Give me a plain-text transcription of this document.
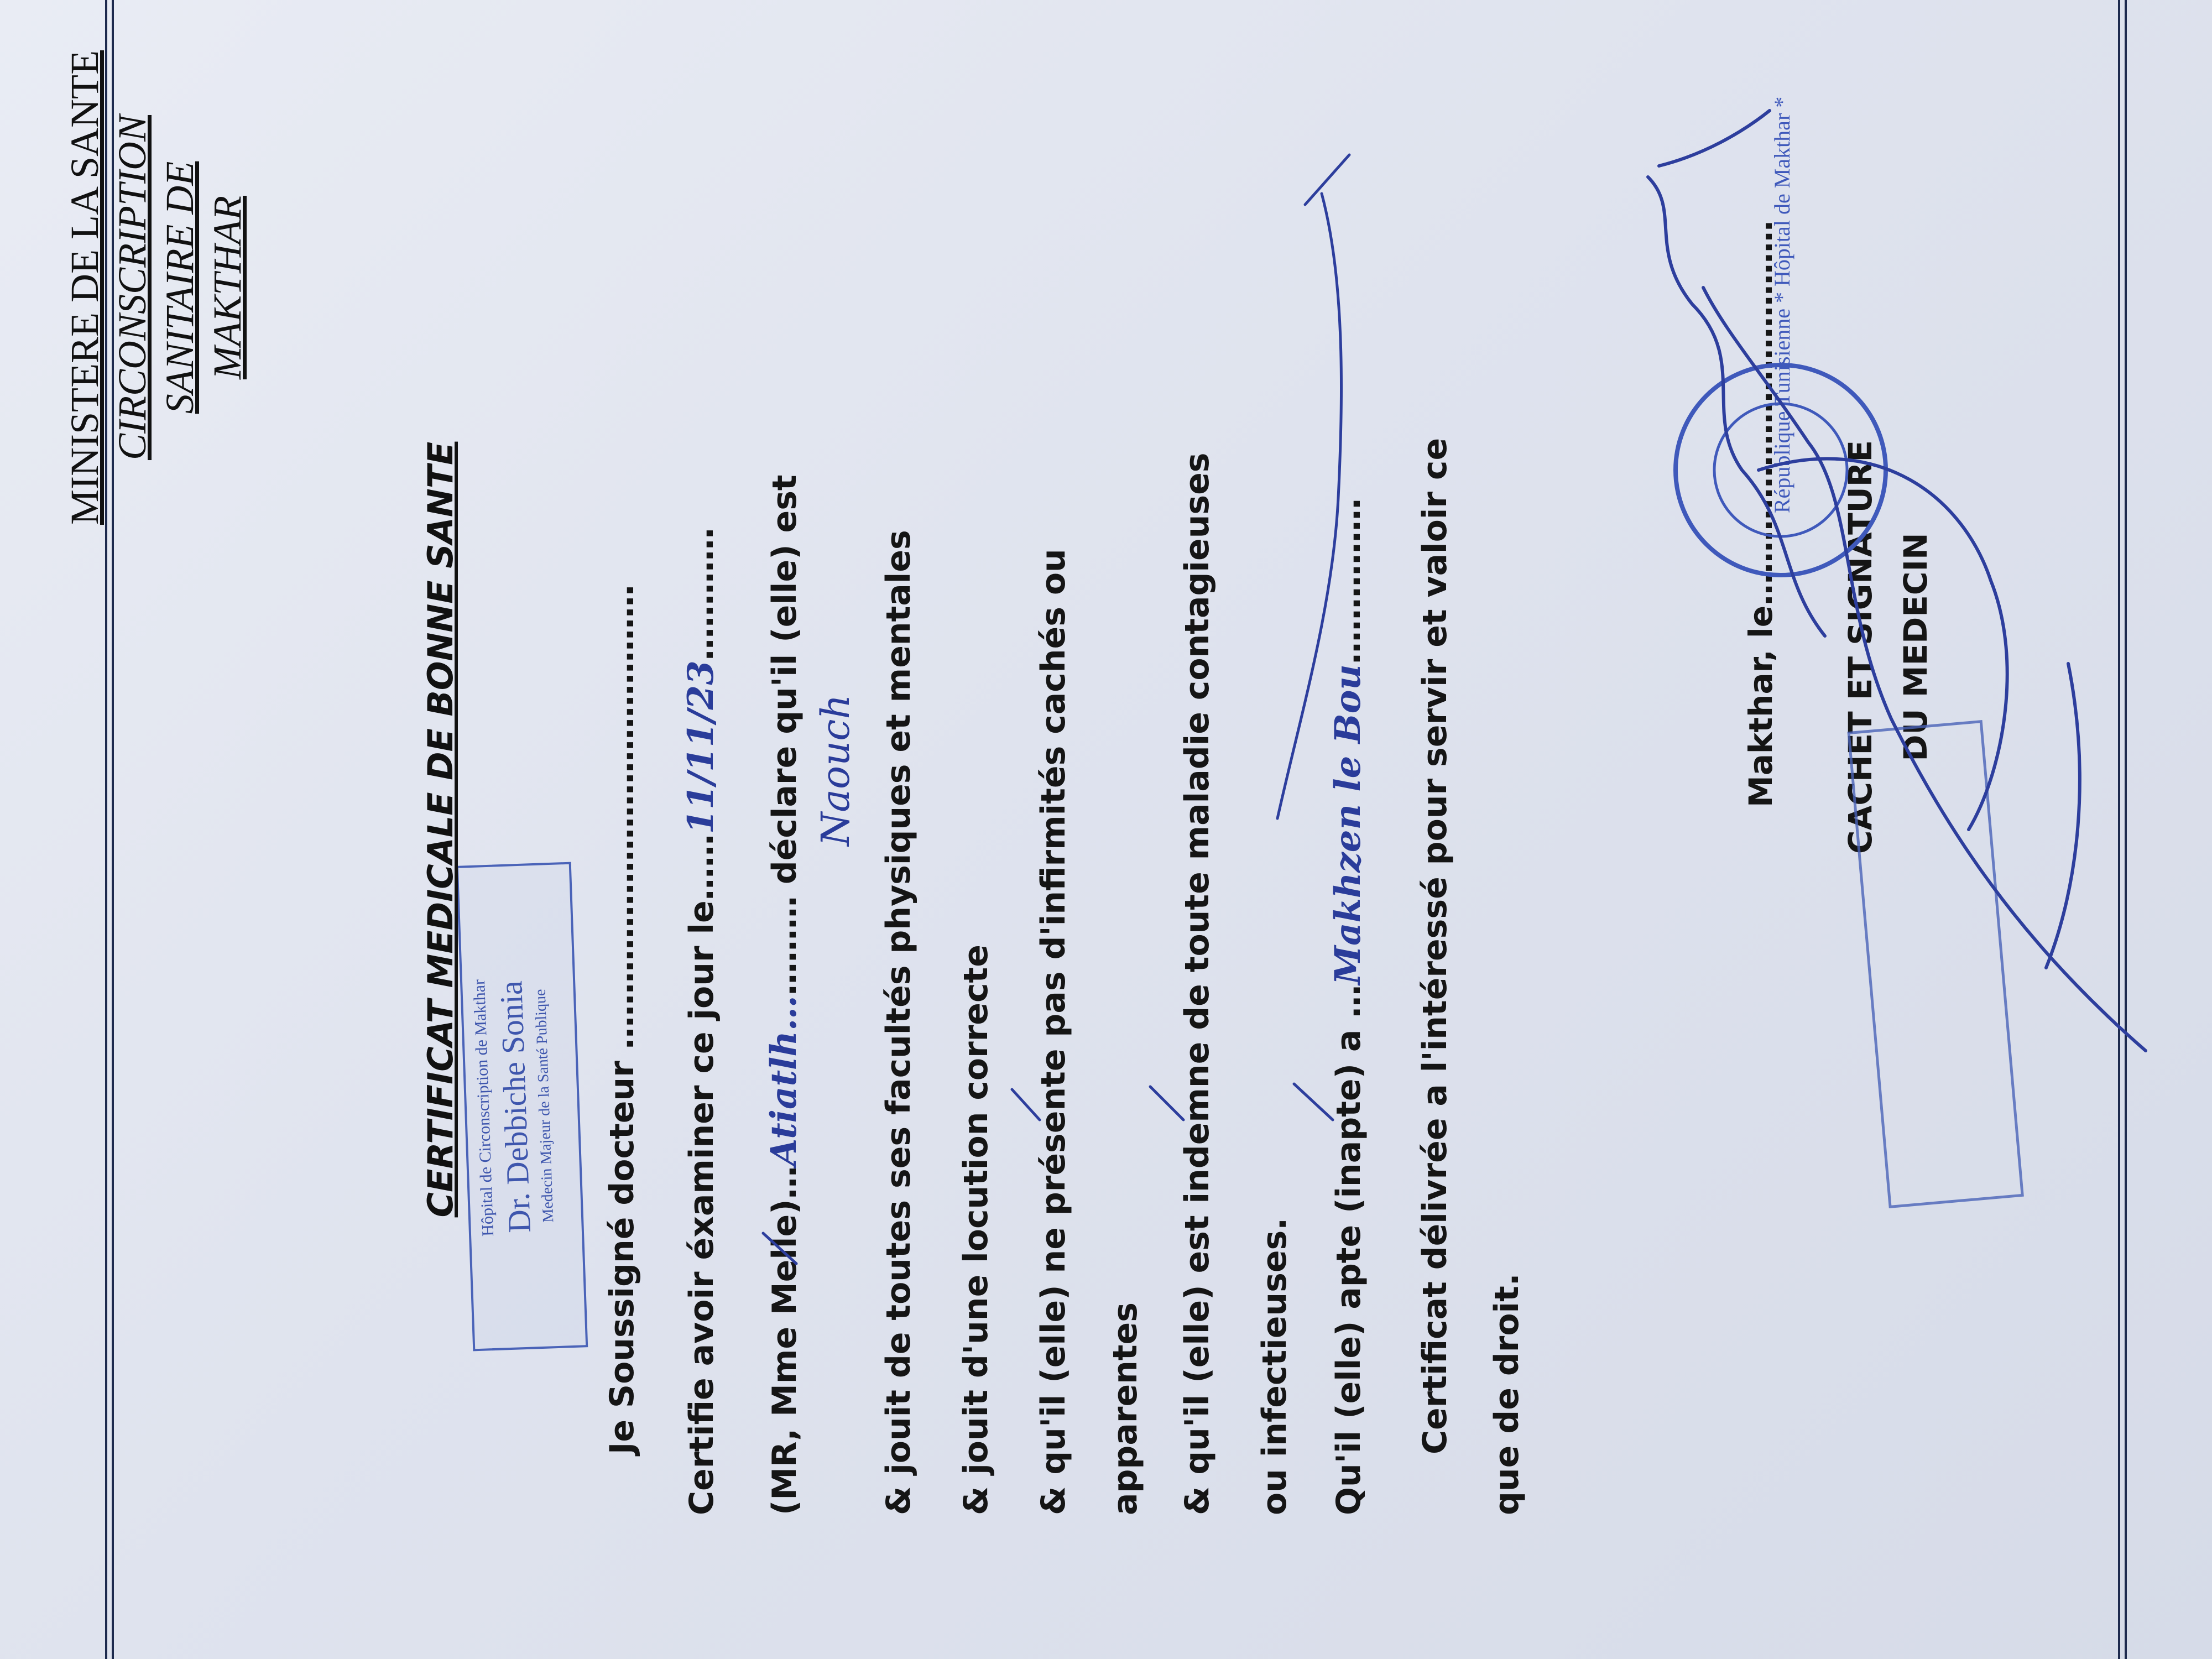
MINISTERE DE LA SANTE CIRCONSCRIPTION SANITAIRE DE MAKTHAR
Hôpital de Circonscription de Makthar
Dr. Debbiche Sonia
Medecin Majeur de la Santé Publique
CERTIFICAT MEDICALE DE BONNE SANTE	Je Soussigné docteur …………………………………… Certifie avoir éxaminer ce jour le……11/11/23…………
(MR, Mme Melle)…Atiatlh………… déclare qu'il (elle) est Naouch & jouit de toutes ses facultés physiques et mentales & jouit d'une locution correcte & qu'il (elle) ne présente pas d'infirmités cachés ou apparentes & qu'il (elle) est indemne de toute maladie contagieuses ou infectieuses. Qu'il (elle) apte (inapte) a …Makhzen le Bou…………… Certificat délivrée a l'intéressé pour servir et valoir ce que de droit.
Makthar, le……………………………… CACHET ET SIGNATURE DU MEDECIN
République Tunisienne * Hôpital de Makthar *
